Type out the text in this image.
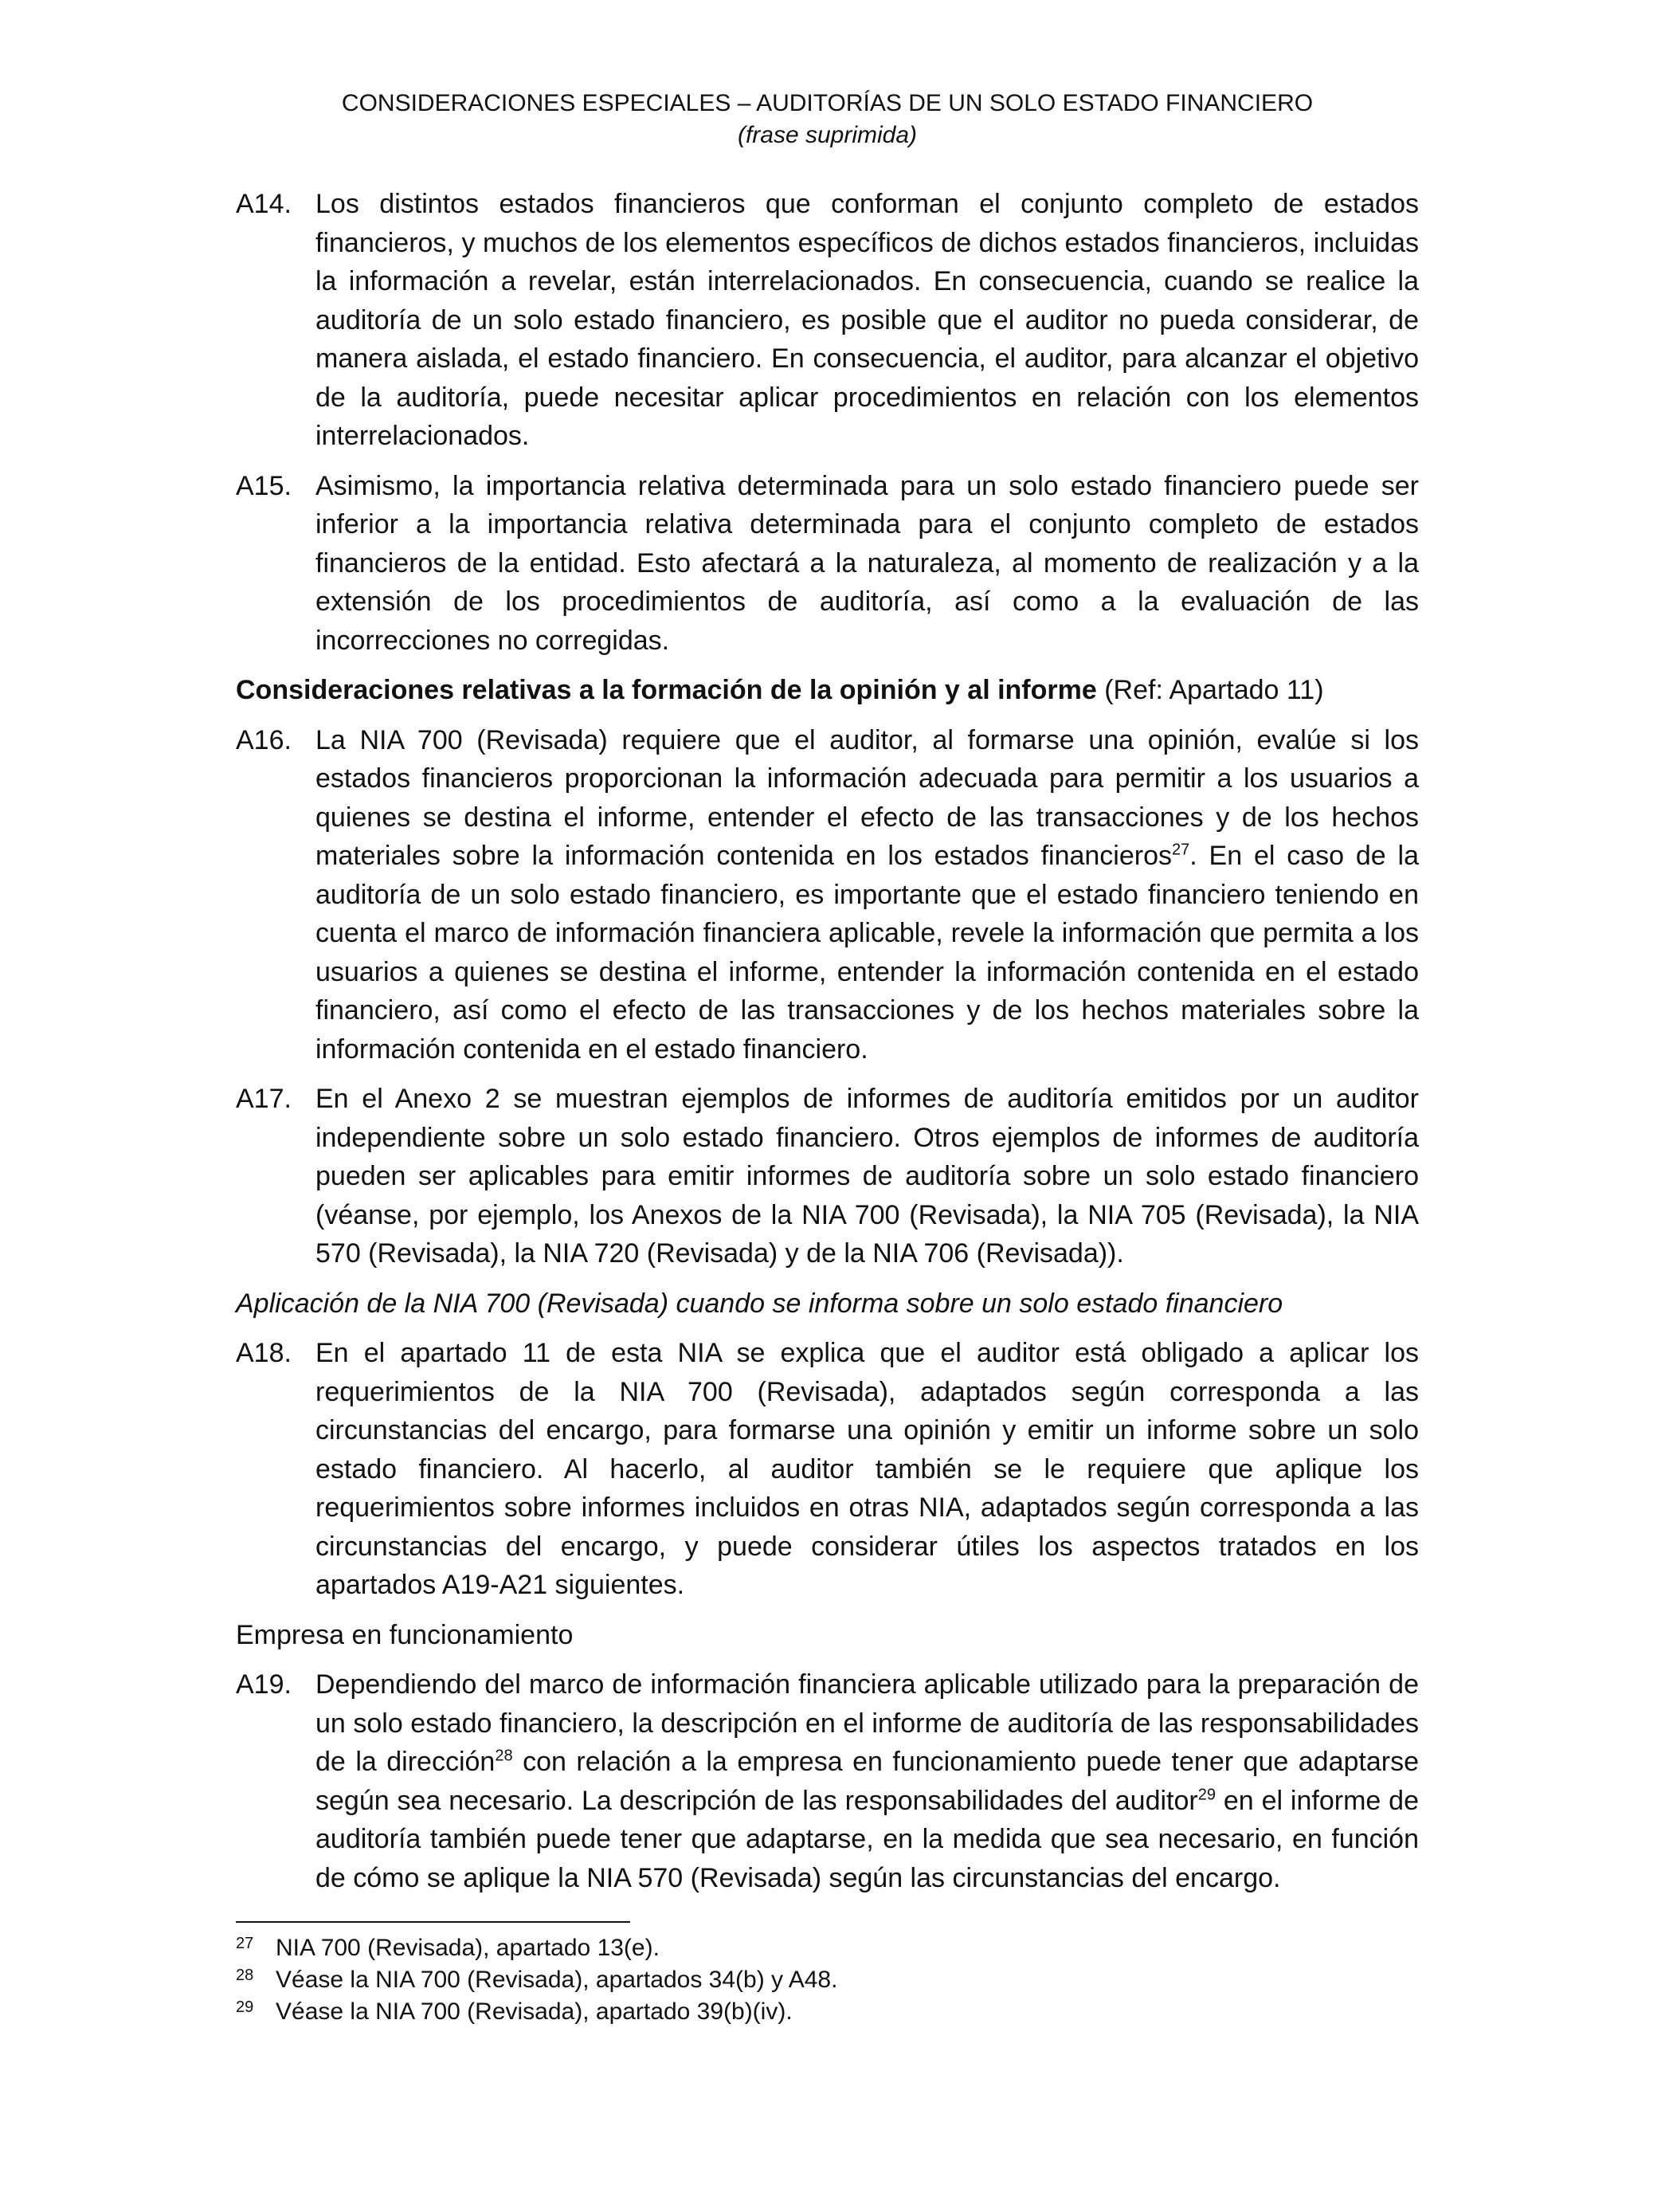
CONSIDERACIONES ESPECIALES – AUDITORÍAS DE UN SOLO ESTADO FINANCIERO
(frase suprimida)
A14. Los distintos estados financieros que conforman el conjunto completo de estados financieros, y muchos de los elementos específicos de dichos estados financieros, incluidas la información a revelar, están interrelacionados. En consecuencia, cuando se realice la auditoría de un solo estado financiero, es posible que el auditor no pueda considerar, de manera aislada, el estado financiero. En consecuencia, el auditor, para alcanzar el objetivo de la auditoría, puede necesitar aplicar procedimientos en relación con los elementos interrelacionados.
A15. Asimismo, la importancia relativa determinada para un solo estado financiero puede ser inferior a la importancia relativa determinada para el conjunto completo de estados financieros de la entidad. Esto afectará a la naturaleza, al momento de realización y a la extensión de los procedimientos de auditoría, así como a la evaluación de las incorrecciones no corregidas.
Consideraciones relativas a la formación de la opinión y al informe (Ref: Apartado 11)
A16. La NIA 700 (Revisada) requiere que el auditor, al formarse una opinión, evalúe si los estados financieros proporcionan la información adecuada para permitir a los usuarios a quienes se destina el informe, entender el efecto de las transacciones y de los hechos materiales sobre la información contenida en los estados financieros$^{27}$. En el caso de la auditoría de un solo estado financiero, es importante que el estado financiero teniendo en cuenta el marco de información financiera aplicable, revele la información que permita a los usuarios a quienes se destina el informe, entender la información contenida en el estado financiero, así como el efecto de las transacciones y de los hechos materiales sobre la información contenida en el estado financiero.
A17. En el Anexo 2 se muestran ejemplos de informes de auditoría emitidos por un auditor independiente sobre un solo estado financiero. Otros ejemplos de informes de auditoría pueden ser aplicables para emitir informes de auditoría sobre un solo estado financiero (véanse, por ejemplo, los Anexos de la NIA 700 (Revisada), la NIA 705 (Revisada), la NIA 570 (Revisada), la NIA 720 (Revisada) y de la NIA 706 (Revisada)).
Aplicación de la NIA 700 (Revisada) cuando se informa sobre un solo estado financiero
A18. En el apartado 11 de esta NIA se explica que el auditor está obligado a aplicar los requerimientos de la NIA 700 (Revisada), adaptados según corresponda a las circunstancias del encargo, para formarse una opinión y emitir un informe sobre un solo estado financiero. Al hacerlo, al auditor también se le requiere que aplique los requerimientos sobre informes incluidos en otras NIA, adaptados según corresponda a las circunstancias del encargo, y puede considerar útiles los aspectos tratados en los apartados A19-A21 siguientes.
Empresa en funcionamiento
A19. Dependiendo del marco de información financiera aplicable utilizado para la preparación de un solo estado financiero, la descripción en el informe de auditoría de las responsabilidades de la dirección$^{28}$ con relación a la empresa en funcionamiento puede tener que adaptarse según sea necesario. La descripción de las responsabilidades del auditor$^{29}$ en el informe de auditoría también puede tener que adaptarse, en la medida que sea necesario, en función de cómo se aplique la NIA 570 (Revisada) según las circunstancias del encargo.
27 NIA 700 (Revisada), apartado 13(e).
28 Véase la NIA 700 (Revisada), apartados 34(b) y A48.
29 Véase la NIA 700 (Revisada), apartado 39(b)(iv).
